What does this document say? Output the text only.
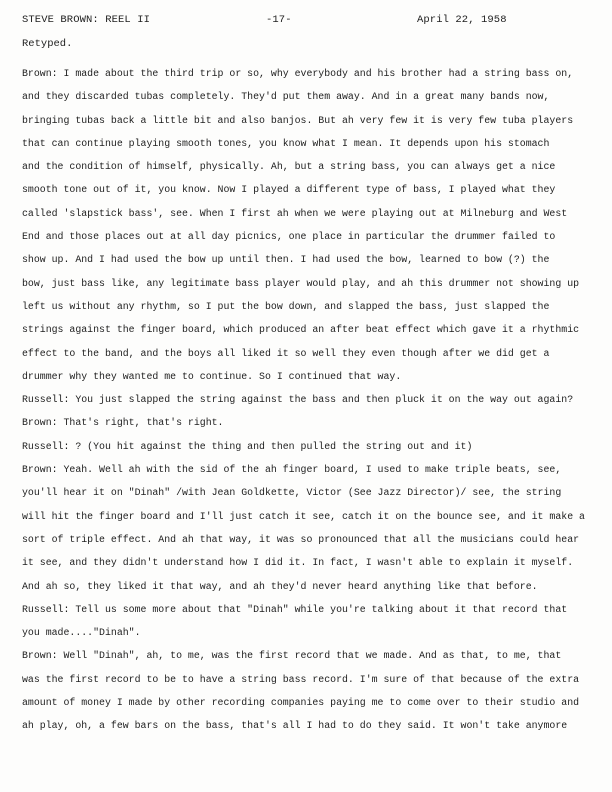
STEVE BROWN: REEL II	-17-	April 22, 1958
Retyped.
Brown: I made about the third trip or so, why everybody and his brother had a string bass on,
and they discarded tubas completely. They'd put them away. And in a great many bands now,
bringing tubas back a little bit and also banjos. But ah very few it is very few tuba players
that can continue playing smooth tones, you know what I mean. It depends upon his stomach
and the condition of himself, physically. Ah, but a string bass, you can always get a nice
smooth tone out of it, you know. Now I played a different type of bass, I played what they
called 'slapstick bass', see. When I first ah when we were playing out at Milneburg and West
End and those places out at all day picnics, one place in particular the drummer failed to
show up. And I had used the bow up until then. I had used the bow, learned to bow (?) the
bow, just bass like, any legitimate bass player would play, and ah this drummer not showing up
left us without any rhythm, so I put the bow down, and slapped the bass, just slapped the
strings against the finger board, which produced an after beat effect which gave it a rhythmic
effect to the band, and the boys all liked it so well they even though after we did get a
drummer why they wanted me to continue. So I continued that way.
Russell: You just slapped the string against the bass and then pluck it on the way out again?
Brown: That's right, that's right.
Russell: ? (You hit against the thing and then pulled the string out and it)
Brown: Yeah. Well ah with the sid of the ah finger board, I used to make triple beats, see,
you'll hear it on "Dinah" /with Jean Goldkette, Victor (See Jazz Director)/ see, the string
will hit the finger board and I'll just catch it see, catch it on the bounce see, and it make a
sort of triple effect. And ah that way, it was so pronounced that all the musicians could hear
it see, and they didn't understand how I did it. In fact, I wasn't able to explain it myself.
And ah so, they liked it that way, and ah they'd never heard anything like that before.
Russell: Tell us some more about that "Dinah" while you're talking about it that record that
you made...."Dinah".
Brown: Well "Dinah", ah, to me, was the first record that we made. And as that, to me, that
was the first record to be to have a string bass record. I'm sure of that because of the extra
amount of money I made by other recording companies paying me to come over to their studio and
ah play, oh, a few bars on the bass, that's all I had to do they said. It won't take anymore
